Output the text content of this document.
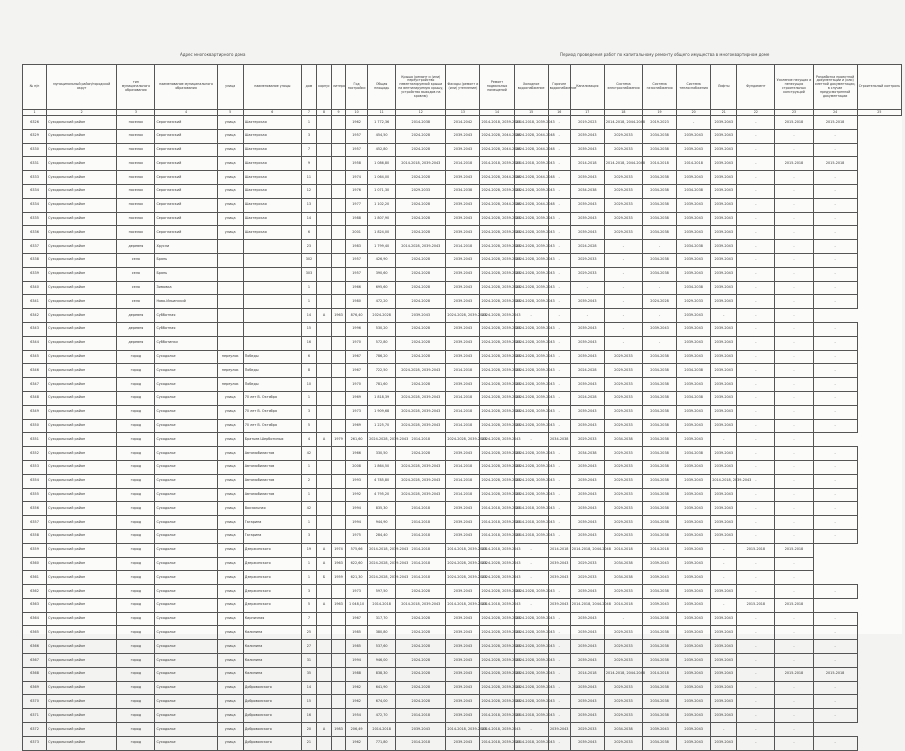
Адрес многоквартирного дома	Период проведения работ по капитальному ремонту общего имущества в многоквартирном доме
№ п/п	муниципальный район/городской округ	тип муниципального образования	наименование муниципального образования	улица	наименование улицы	дом	корпус	литера	Год постройки	Общая площадь	Крыша (ремонт и (или) переустройство невентилируемой крыши на вентилируемую крышу, устройство выходов на кровлю)	Фасады (ремонт и (или) утепление)	Ремонт подвальных помещений	Холодное водоснабжение	Горячее водоснабжение	Канализация	Система электроснабжения	Система газоснабжения	Система теплоснабжения	Лифты	Фундамент	Усиление несущих и ненесущих строительных конструкций	Разработка проектной документации и (или) сметной документации, в случае предусмотренной документации	Строительный контроль
1	2	3	4	5	6	7	8	9	10	11	12	13	14	15	16	17	18	19	20	21	22	23	24	25
6326	Суходольский район	поселок	Сероглазский	улица	Шахтерская	1			1962	1 772,36	2014-2038	2014-2042	2014-2018, 2039-2043	2014-2018, 2039-2043	-	2019-2023	2014-2018, 2044-2048	2019-2023	-	2039-2043	-	2015-2018	2015-2018	
6329	Суходольский район	поселок	Сероглазский	улица	Шахтерская	3			1957	454,50	2024-2028	2039-2043	2024-2028, 2044-2048	2024-2028, 2044-2048	-	2039-2043	2029-2033	2034-2038	2039-2043	2039-2043	-	-	-	
6330	Суходольский район	поселок	Сероглазский	улица	Шахтерская	7			1957	452,80	2024-2028	2039-2043	2024-2028, 2044-2048	2024-2028, 2044-2048	-	2039-2043	2029-2033	2034-2038	2039-2043	2039-2043	-	-	-	
6331	Суходольский район	поселок	Сероглазский	улица	Шахтерская	9			1958	1 086,80	2014-2018, 2039-2043	2014-2018	2014-2018, 2039-2043	2014-2018, 2039-2043	-	2014-2018	2014-2018, 2044-2048	2014-2018	2014-2018	2039-2043	-	2015-2018	2015-2018	
6333	Суходольский район	поселок	Сероглазский	улица	Шахтерская	11			1974	1 064,00	2024-2028	2039-2043	2024-2028, 2044-2048	2024-2028, 2044-2048	-	2039-2043	2029-2033	2034-2038	2039-2043	2039-2043	-	-	-	
6334	Суходольский район	поселок	Сероглазский	улица	Шахтерская	12			1976	1 071,30	2029-2033	2034-2038	2024-2028, 2039-2043	2024-2028, 2039-2043	-	2034-2038	2029-2033	2034-2038	2034-2038	2039-2043	-	-	-	
6334	Суходольский район	поселок	Сероглазский	улица	Шахтерская	13			1977	1 102,20	2024-2028	2039-2043	2024-2028, 2044-2048	2024-2028, 2044-2048	-	2039-2043	2029-2033	2034-2038	2039-2043	2039-2043	-	-	-	
6335	Суходольский район	поселок	Сероглазский	улица	Шахтерская	14			1988	1 807,90	2024-2028	2039-2043	2024-2028, 2039-2043	2024-2028, 2039-2043	-	2039-2043	2029-2033	2034-2038	2039-2043	2039-2043	-	-	-	
6336	Суходольский район	поселок	Сероглазский	улица	Шахтерская	6			2001	1 824,00	2024-2028	2039-2043	2024-2028, 2039-2043	2024-2028, 2039-2043	-	2039-2043	2029-2033	2034-2038	2039-2043	2039-2043	-	-	-	
6337	Суходольский район	деревня	Хрусли			23			1983	1 799,40	2014-2028, 2039-2043	2014-2018	2024-2028, 2039-2043	2024-2028, 2039-2043	-	2024-2028	-	-	2034-2038	2039-2043	-	-	-	
6338	Суходольский район	село	Брянь			302			1957	426,90	2024-2028	2039-2043	2024-2028, 2039-2043	2024-2028, 2039-2043	-	2029-2033	-	2034-2038	2039-2043	2039-2043	-	-	-	
6339	Суходольский район	село	Брянь			303			1957	390,60	2024-2028	2039-2043	2024-2028, 2039-2043	2024-2028, 2039-2043	-	2029-2033	-	2034-2038	2039-2043	2039-2043	-	-	-	
6340	Суходольский район	село	Зимовка			1			1966	695,60	2024-2028	2039-2043	2024-2028, 2039-2043	2024-2028, 2039-2043	-	-	-	-	2034-2038	2039-2043	-	-	-	
6341	Суходольский район	село	Ново-Ильинский			1			1980	472,20	2024-2028	2039-2043	2024-2028, 2039-2043	2024-2028, 2039-2043	-	2039-2043	-	2024-2028	2029-2033	2039-2043	-	-	-	
6342	Суходольский район	деревня	Субботная			14	А	1963	876,40	2024-2028	2039-2043	2024-2028, 2039-2043	2024-2028, 2039-2043	-	-	-	-	-	2039-2043	-	-	-		
6343	Суходольский район	деревня	Субботная			15			1996	530,20	2024-2028	2039-2043	2024-2028, 2039-2043	2024-2028, 2039-2043	-	2039-2043	-	2039-2043	2039-2043	2039-2043	-	-	-	
6344	Суходольский район	деревня	Субботинки			16			1970	572,80	2024-2028	2039-2043	2024-2028, 2039-2043	2024-2028, 2039-2043	-	2039-2043	-	-	2039-2043	2039-2043	-	-	-	
6345	Суходольский район	город	Суходолье	переулок	Победы	6			1967	786,20	2024-2028	2039-2043	2024-2028, 2039-2043	2024-2028, 2039-2043	-	2039-2043	2029-2033	2034-2038	2039-2043	2039-2043	-	-	-	
6346	Суходольский район	город	Суходолье	переулок	Победы	8			1967	722,50	2024-2028, 2039-2043	2014-2018	2024-2028, 2039-2043	2024-2028, 2039-2043	-	2024-2028	2029-2033	2034-2038	2034-2038	2039-2043	-	-	-	
6347	Суходольский район	город	Суходолье	переулок	Победы	10			1970	781,60	2024-2028	2039-2043	2024-2028, 2039-2043	2024-2028, 2039-2043	-	2039-2043	2029-2033	2034-2038	2039-2043	2039-2043	-	-	-	
6348	Суходольский район	город	Суходолье	улица	70 лет В. Октября	1			1969	1 818,39	2024-2028, 2039-2043	2014-2018	2024-2028, 2039-2043	2024-2028, 2039-2043	-	2024-2028	2029-2033	2034-2038	2034-2038	2039-2043	-	-	-	
6349	Суходольский район	город	Суходолье	улица	70 лет В. Октября	3			1973	1 909,68	2024-2028, 2039-2043	2014-2018	2024-2028, 2039-2043	2024-2028, 2039-2043	-	2039-2043	2029-2033	2034-2038	2039-2043	2039-2043	-	-	-	
6350	Суходольский район	город	Суходолье	улица	70 лет В. Октября	5			1969	1 225,70	2024-2028, 2039-2043	2014-2018	2024-2028, 2039-2043	2024-2028, 2039-2043	-	2039-2043	2029-2033	2034-2038	2039-2043	2039-2043	-	-	-	
6351	Суходольский район	город	Суходолье	улица	Братьев Шерботиных	4	А	1979	261,60	2024-2028, 2039-2043	2014-2018	2024-2028, 2039-2043	2024-2028, 2039-2043	-	2034-2038	2029-2033	2034-2038	2034-2038	2039-2043	-	-	-		
6352	Суходольский район	город	Суходолье	улица	Автомобилистов	42			1966	330,50	2024-2028	2039-2043	2024-2028, 2039-2043	2024-2028, 2039-2043	-	2034-2038	2029-2033	2034-2038	2034-2038	2039-2043	-	-	-	
6353	Суходольский район	город	Суходолье	улица	Автомобилистов	1			2008	1 864,50	2024-2028, 2039-2043	2014-2018	2024-2028, 2039-2043	2024-2028, 2039-2043	-	2039-2043	2029-2033	2034-2038	2039-2043	2039-2043	-	-	-	
6354	Суходольский район	город	Суходолье	улица	Автомобилистов	2			1993	4 785,80	2024-2028, 2039-2043	2014-2018	2024-2028, 2039-2043	2024-2028, 2039-2043	-	2039-2043	2029-2033	2034-2038	2039-2043	2014-2018, 2039-2043	-	-	-	
6355	Суходольский район	город	Суходолье	улица	Автомобилистов	1			1992	4 795,20	2024-2028, 2039-2043	2014-2018	2024-2028, 2039-2043	2024-2028, 2039-2043	-	2039-2043	2029-2033	2034-2038	2039-2043	2039-2043	-	-	-	
6356	Суходольский район	город	Суходолье	улица	Вокзальная	42			1994	835,30	2014-2018	2039-2043	2014-2018, 2039-2043	2014-2018, 2039-2043	-	2039-2043	2029-2033	2034-2038	2039-2043	2039-2043	-	-	-	
6357	Суходольский район	город	Суходолье	улица	Гагарина	1			1994	944,90	2014-2018	2039-2043	2014-2018, 2039-2043	2014-2018, 2039-2043	-	2039-2043	2029-2033	2034-2038	2039-2043	2039-2043	-	-	-	
6358	Суходольский район	город	Суходолье	улица	Гагарина	3			1975	284,40	2014-2018	2039-2043	2014-2018, 2039-2043	2014-2018, 2039-2043	-	2039-2043	2029-2033	2034-2038	2039-2043	2039-2043	-	-	-	
6359	Суходольский район	город	Суходолье	улица	Дзержинского	19	А	1974	575,66	2014-2018, 2039-2043	2014-2018	2014-2018, 2039-2043	2014-2018, 2039-2043	-	2014-2018	2014-2018, 2044-2048	2014-2018	2014-2018	2039-2043	-	2015-2018	2015-2018		
6360	Суходольский район	город	Суходолье	улица	Дзержинского	1	А	1963	622,60	2024-2028, 2039-2043	2014-2018	2024-2028, 2039-2043	2024-2028, 2039-2043	-	2039-2043	2029-2033	2034-2038	2039-2043	2039-2043	-	-	-		
6361	Суходольский район	город	Суходолье	улица	Дзержинского	1	Б	1959	621,30	2024-2028, 2039-2043	2014-2018	2024-2028, 2039-2043	2024-2028, 2039-2043	-	2039-2043	2029-2033	2034-2038	2039-2043	2039-2043	-	-	-		
6362	Суходольский район	город	Суходолье	улица	Дзержинского	3			1973	597,50	2024-2028	2039-2043	2024-2028, 2039-2043	2024-2028, 2039-2043	-	2039-2043	2029-2033	2034-2038	2039-2043	2039-2043	-	-	-	
6363	Суходольский район	город	Суходолье	улица	Дзержинского	5	А	1963	1 048,10	2014-2018	2014-2018, 2039-2043	2014-2018, 2039-2043	2014-2018, 2039-2043	-	2039-2043	2014-2018, 2044-2048	2014-2018	2039-2043	2039-2043	-	2015-2018	2015-2018		
6364	Суходольский район	город	Суходолье	улица	Кирпичная	7			1967	317,70	2024-2028	2039-2043	2024-2028, 2039-2043	2024-2028, 2039-2043	-	2039-2043	-	2034-2038	2039-2043	2039-2043	-	-	-	
6365	Суходольский район	город	Суходолье	улица	Калинина	25			1985	380,80	2024-2028	2039-2043	2024-2028, 2039-2043	2024-2028, 2039-2043	-	2039-2043	2029-2033	2034-2038	2039-2043	2039-2043	-	-	-	
6366	Суходольский район	город	Суходолье	улица	Калинина	27			1985	537,60	2024-2028	2039-2043	2024-2028, 2039-2043	2024-2028, 2039-2043	-	2039-2043	2029-2033	2034-2038	2039-2043	2039-2043	-	-	-	
6367	Суходольский район	город	Суходолье	улица	Калинина	31			1994	946,00	2024-2028	2039-2043	2024-2028, 2039-2043	2024-2028, 2039-2043	-	2039-2043	2029-2033	2034-2038	2039-2043	2039-2043	-	-	-	
6368	Суходольский район	город	Суходолье	улица	Калинина	35			1988	838,30	2024-2028	2039-2043	2024-2028, 2039-2043	2024-2028, 2039-2043	-	2014-2018	2014-2018, 2044-2048	2014-2018	2039-2043	2039-2043	-	2015-2018	2015-2018	
6369	Суходольский район	город	Суходолье	улица	Доброволского	14			1962	641,90	2024-2028	2039-2043	2024-2028, 2039-2043	2024-2028, 2039-2043	-	2039-2043	2029-2033	2034-2038	2039-2043	2039-2043	-	-	-	
6370	Суходольский район	город	Суходолье	улица	Доброволского	15			1962	674,00	2024-2028	2039-2043	2024-2028, 2039-2043	2024-2028, 2039-2043	-	2039-2043	2029-2033	2034-2038	2039-2043	2039-2043	-	-	-	
6371	Суходольский район	город	Суходолье	улица	Доброволского	16			1954	472,70	2014-2018	2039-2043	2014-2018, 2039-2043	2014-2018, 2039-2043	-	2039-2043	2029-2033	2034-2038	2039-2043	2039-2043	-	-	-	
6372	Суходольский район	город	Суходолье	улица	Доброволского	20	А	1983	206,49	2014-2018	2039-2043	2014-2018, 2039-2043	2014-2018, 2039-2043	-	2039-2043	2029-2033	2034-2038	2039-2043	2039-2043	-	-	-		
6373	Суходольский район	город	Суходолье	улица	Доброволского	21			1962	771,80	2014-2018	2039-2043	2014-2018, 2039-2043	2014-2018, 2039-2043	-	2039-2043	2029-2033	2034-2038	2039-2043	2039-2043	-	-	-	
